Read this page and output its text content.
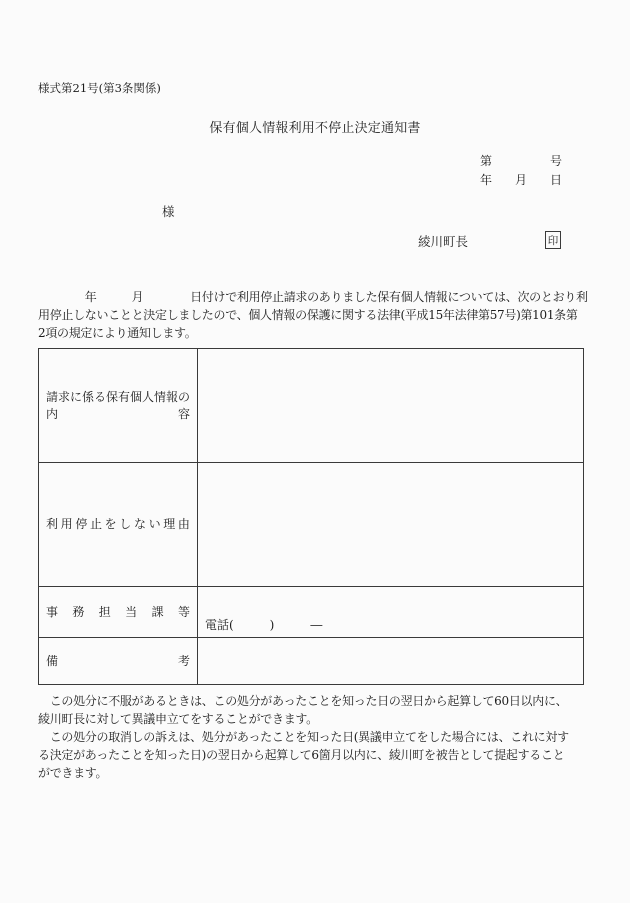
様式第21号(第3条関係)
保有個人情報利用不停止決定通知書
第	号
年 月 日
様
綾川町長	印
　　　　年　　　月　　　　日付けで利用停止請求のありました保有個人情報については、次のとおり利
用停止しないことと決定しましたので、個人情報の保護に関する法律(平成15年法律第57号)第101条第
2項の規定により通知します。
請求に係る保有個人情報の
内	容
利 用 停 止 を し な い 理 由
事 務 担 当 課 等
電話(　　　)　　　―
備	考
　この処分に不服があるときは、この処分があったことを知った日の翌日から起算して60日以内に、
綾川町長に対して異議申立てをすることができます。
　この処分の取消しの訴えは、処分があったことを知った日(異議申立てをした場合には、これに対す
る決定があったことを知った日)の翌日から起算して6箇月以内に、綾川町を被告として提起すること
ができます。
